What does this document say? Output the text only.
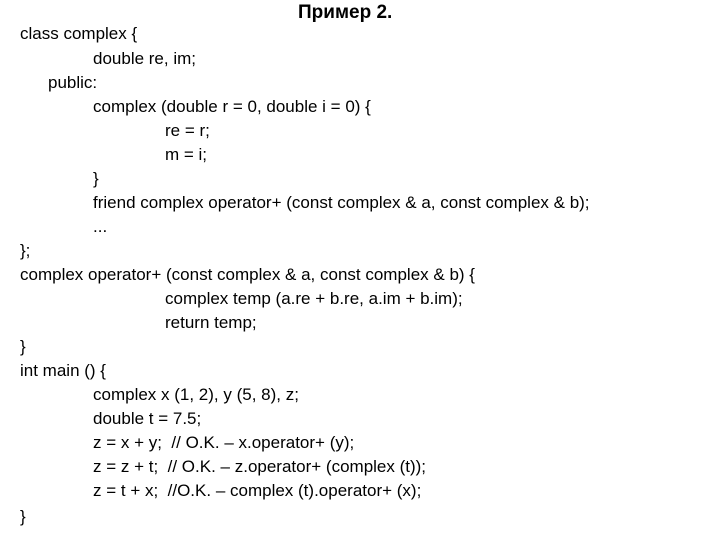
Пример 2.
class complex {
double re, im;
public:
complex (double r = 0, double i = 0) {
re = r;
m = i;
}
friend complex operator+ (const complex & a, const complex & b);
...
};
complex operator+ (const complex & a, const complex & b) {
complex temp (a.re + b.re, a.im + b.im);
return temp;
}
int main () {
complex x (1, 2), y (5, 8), z;
double t = 7.5;
z = x + y;  // O.K. – x.operator+ (y);
z = z + t;  // O.K. – z.operator+ (complex (t));
z = t + x;  //O.K. – complex (t).operator+ (x);
}
